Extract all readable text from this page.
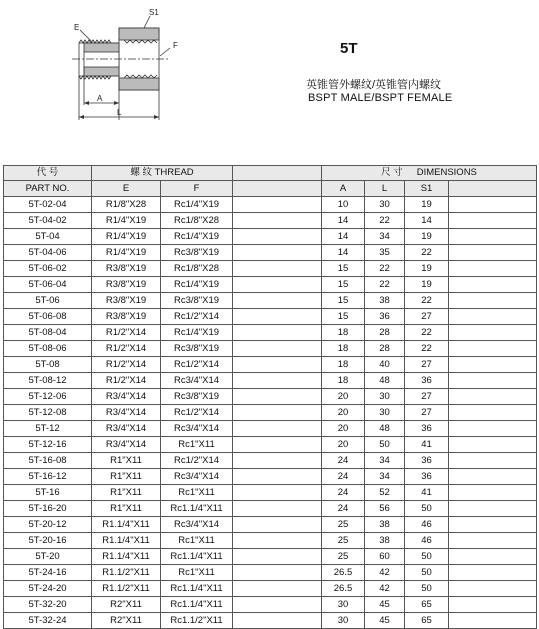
E
S1
F
A
L
5T
英锥管外螺纹/英锥管内螺纹
BSPT MALE/BSPT FEMALE
代 号	螺 纹 THREAD			尺 寸 DIMENSIONS			
PART NO.	E	F		A	L	S1	
5T-02-04	R1/8"X28	Rc1/4"X19		10	30	19	
5T-04-02	R1/4"X19	Rc1/8"X28		14	22	14	
5T-04	R1/4"X19	Rc1/4"X19		14	34	19	
5T-04-06	R1/4"X19	Rc3/8"X19		14	35	22	
5T-06-02	R3/8"X19	Rc1/8"X28		15	22	19	
5T-06-04	R3/8"X19	Rc1/4"X19		15	22	19	
5T-06	R3/8"X19	Rc3/8"X19		15	38	22	
5T-06-08	R3/8"X19	Rc1/2"X14		15	36	27	
5T-08-04	R1/2"X14	Rc1/4"X19		18	28	22	
5T-08-06	R1/2"X14	Rc3/8"X19		18	28	22	
5T-08	R1/2"X14	Rc1/2"X14		18	40	27	
5T-08-12	R1/2"X14	Rc3/4"X14		18	48	36	
5T-12-06	R3/4"X14	Rc3/8"X19		20	30	27	
5T-12-08	R3/4"X14	Rc1/2"X14		20	30	27	
5T-12	R3/4"X14	Rc3/4"X14		20	48	36	
5T-12-16	R3/4"X14	Rc1"X11		20	50	41	
5T-16-08	R1"X11	Rc1/2"X14		24	34	36	
5T-16-12	R1"X11	Rc3/4"X14		24	34	36	
5T-16	R1"X11	Rc1"X11		24	52	41	
5T-16-20	R1"X11	Rc1.1/4"X11		24	56	50	
5T-20-12	R1.1/4"X11	Rc3/4"X14		25	38	46	
5T-20-16	R1.1/4"X11	Rc1"X11		25	38	46	
5T-20	R1.1/4"X11	Rc1.1/4"X11		25	60	50	
5T-24-16	R1.1/2"X11	Rc1"X11		26.5	42	50	
5T-24-20	R1.1/2"X11	Rc1.1/4"X11		26.5	42	50	
5T-32-20	R2"X11	Rc1.1/4"X11		30	45	65	
5T-32-24	R2"X11	Rc1.1/2"X11		30	45	65	
